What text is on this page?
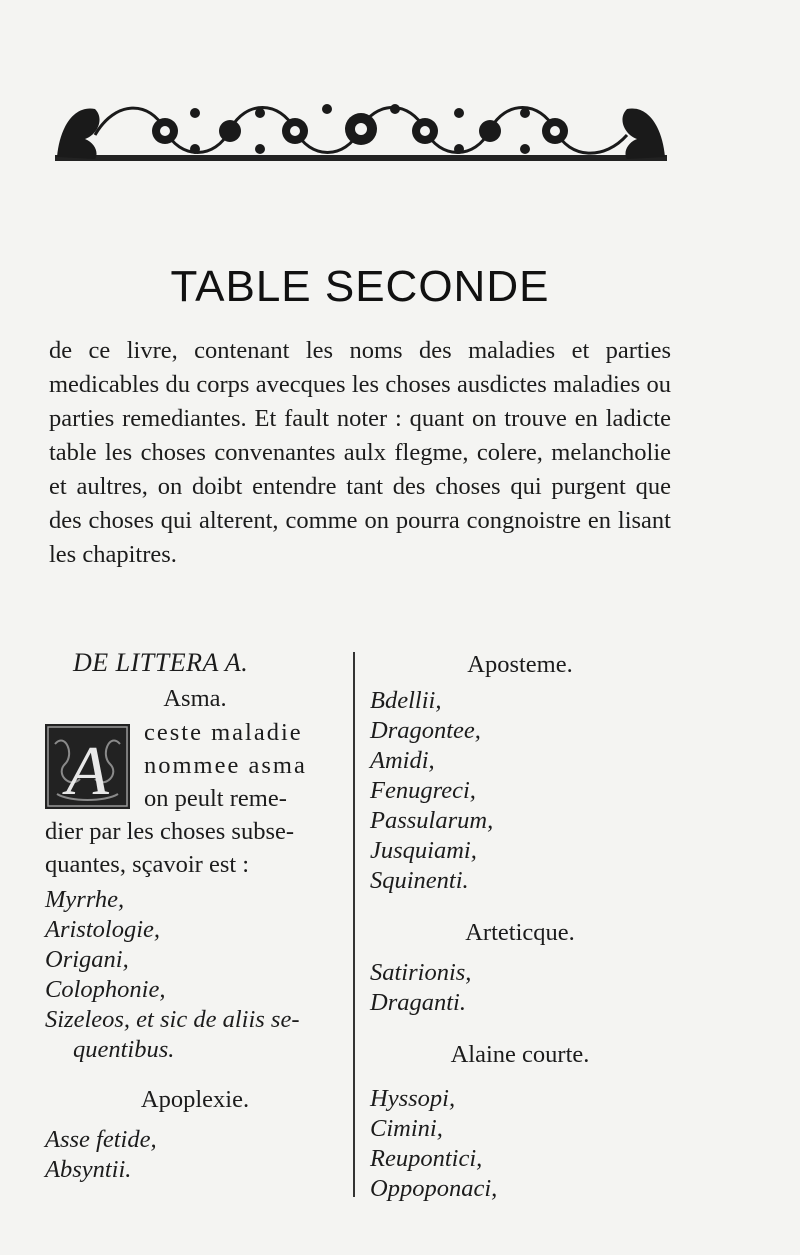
TABLE SECONDE
de ce livre, contenant les noms des maladies et parties medicables du corps avecques les choses ausdictes maladies ou parties remediantes. Et fault noter : quant on trouve en ladicte table les choses convenantes aulx flegme, colere, melancholie et aultres, on doibt entendre tant des choses qui purgent que des choses qui alterent, comme on pourra congnoistre en lisant les chapitres.
DE LITTERA A.
Asma.
A
ceste maladie
nommee asma
on peult reme-
dier par les choses subse-
quantes, sçavoir est :
Myrrhe,
Aristologie,
Origani,
Colophonie,
Sizeleos, et sic de aliis se-
quentibus.
Apoplexie.
Asse fetide,
Absyntii.
Aposteme.
Bdellii,
Dragontee,
Amidi,
Fenugreci,
Passularum,
Jusquiami,
Squinenti.
Arteticque.
Satirionis,
Draganti.
Alaine courte.
Hyssopi,
Cimini,
Reupontici,
Oppoponaci,
